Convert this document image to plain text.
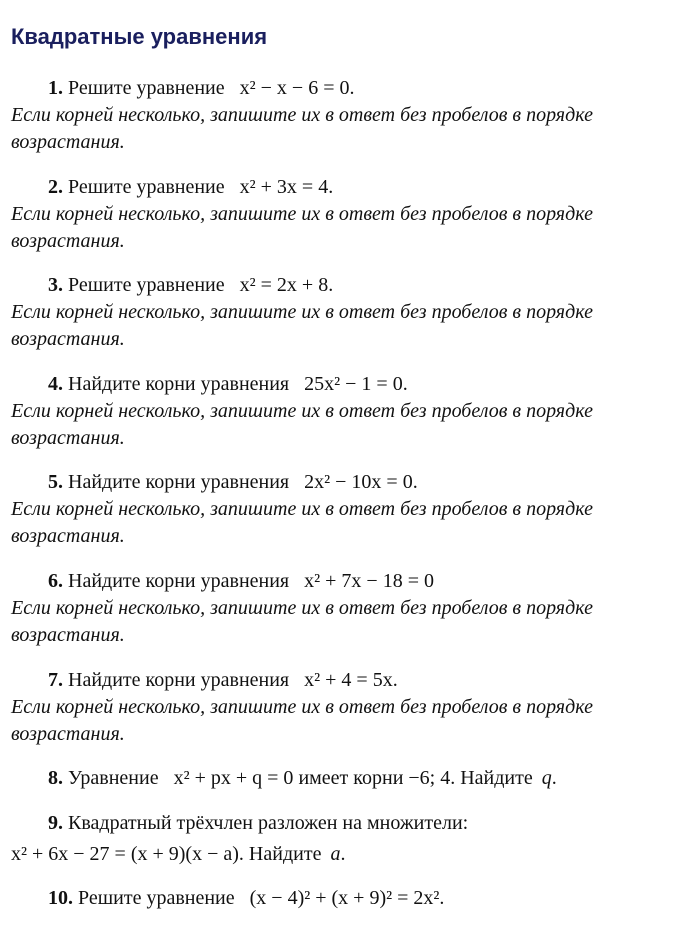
Квадратные уравнения
1. Решите уравнение x² − x − 6 = 0.
Если корней несколько, запишите их в ответ без пробелов в порядке возрастания.
2. Решите уравнение x² + 3x = 4.
Если корней несколько, запишите их в ответ без пробелов в порядке возрастания.
3. Решите уравнение x² = 2x + 8.
Если корней несколько, запишите их в ответ без пробелов в порядке возрастания.
4. Найдите корни уравнения 25x² − 1 = 0.
Если корней несколько, запишите их в ответ без пробелов в порядке возрастания.
5. Найдите корни уравнения 2x² − 10x = 0.
Если корней несколько, запишите их в ответ без пробелов в порядке возрастания.
6. Найдите корни уравнения x² + 7x − 18 = 0
Если корней несколько, запишите их в ответ без пробелов в порядке возрастания.
7. Найдите корни уравнения x² + 4 = 5x.
Если корней несколько, запишите их в ответ без пробелов в порядке возрастания.
8. Уравнение x² + px + q = 0 имеет корни −6; 4. Найдите q.
9. Квадратный трёхчлен разложен на множители:
x² + 6x − 27 = (x + 9)(x − a). Найдите a.
10. Решите уравнение (x − 4)² + (x + 9)² = 2x².
